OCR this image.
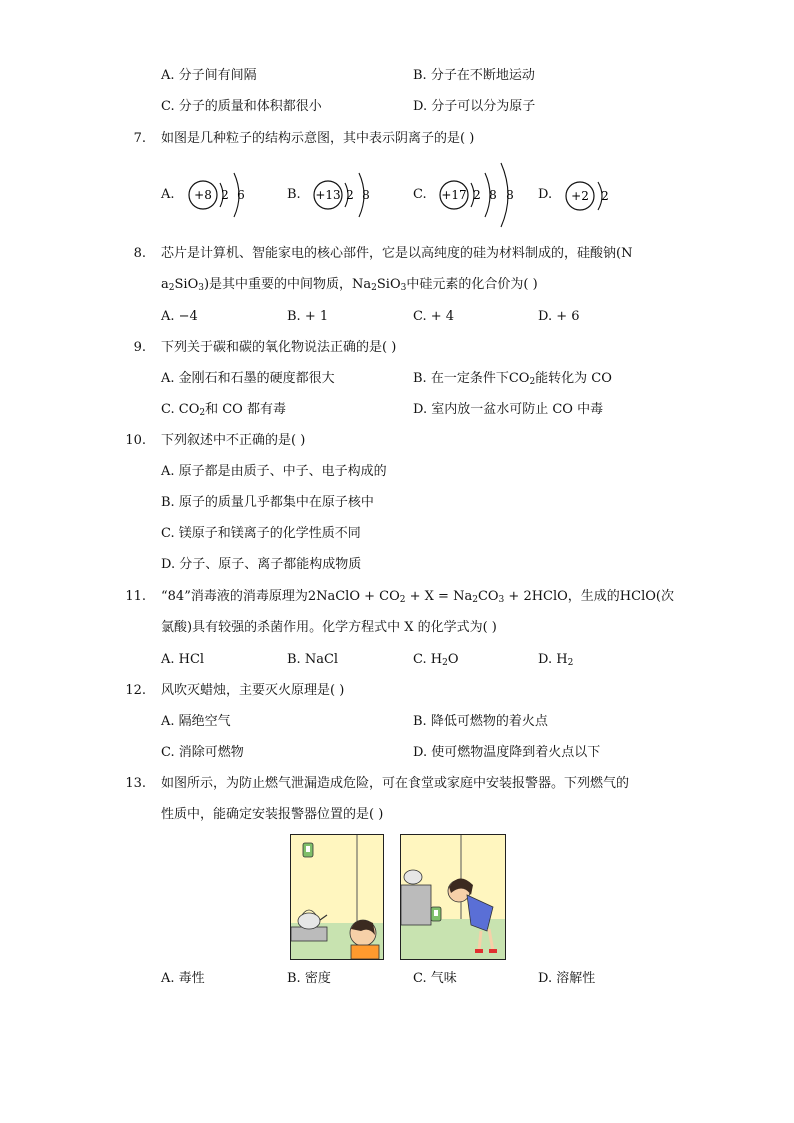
A. 分子间有间隔	B. 分子在不断地运动
C. 分子的质量和体积都很小	D. 分子可以分为原子
7. 如图是几种粒子的结构示意图，其中表示阴离子的是( )
A.	B.	C.	D.
+8 2 6	+13 2 8	+17 2 8 8	+2 2
8. 芯片是计算机、智能家电的核心部件，它是以高纯度的硅为材料制成的，硅酸钠(N
$a_2SiO_3$)是其中重要的中间物质，$Na_2SiO_3$中硅元素的化合价为( )
A. −4	B. + 1	C. + 4	D. + 6
9. 下列关于碳和碳的氧化物说法正确的是( )
A. 金刚石和石墨的硬度都很大	B. 在一定条件下$CO_2$能转化为 CO
C. $CO_2$和 CO 都有毒	D. 室内放一盆水可防止 CO 中毒
10. 下列叙述中不正确的是( )
A. 原子都是由质子、中子、电子构成的
B. 原子的质量几乎都集中在原子核中
C. 镁原子和镁离子的化学性质不同
D. 分子、原子、离子都能构成物质
11. “84”消毒液的消毒原理为2NaClO + $CO_2 + X = Na_2CO_3$ + 2HClO，生成的HClO(次
氯酸)具有较强的杀菌作用。化学方程式中 X 的化学式为( )
A. HCl	B. NaCl	C. $H_2O$	D. $H_2$
12. 风吹灭蜡烛，主要灭火原理是( )
A. 隔绝空气	B. 降低可燃物的着火点
C. 消除可燃物	D. 使可燃物温度降到着火点以下
13. 如图所示，为防止燃气泄漏造成危险，可在食堂或家庭中安装报警器。下列燃气的
性质中，能确定安装报警器位置的是( )
A. 毒性	B. 密度	C. 气味	D. 溶解性
